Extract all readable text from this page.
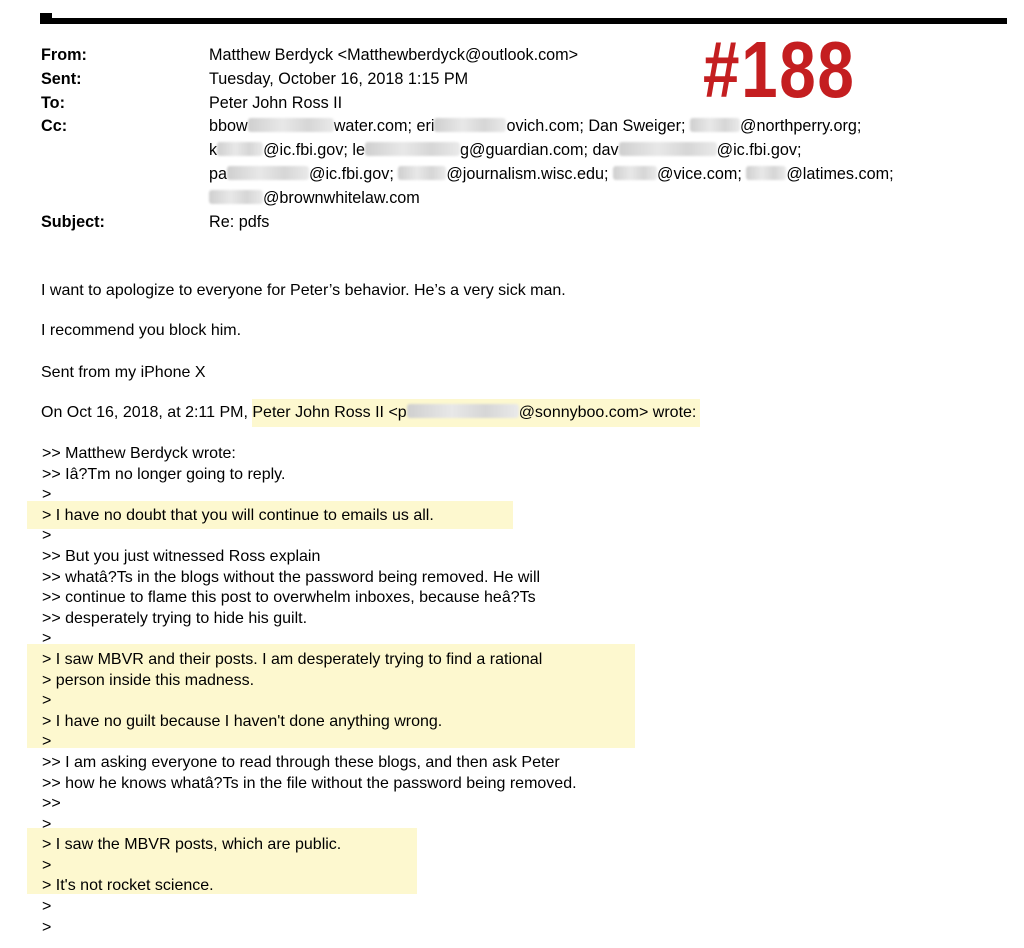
#188
From:	Matthew Berdyck <Matthewberdyck@outlook.com>
Sent:	Tuesday, October 16, 2018 1:15 PM
To:	Peter John Ross II
Cc:	bbow	water.com; eri	ovich.com; Dan Sweiger;	@northperry.org;
k	@ic.fbi.gov; le	g@guardian.com; dav	@ic.fbi.gov;
pa	@ic.fbi.gov;	@journalism.wisc.edu;	@vice.com; @latimes.com;
@brownwhitelaw.com
Subject:	Re: pdfs
I want to apologize to everyone for Peter’s behavior. He’s a very sick man.
I recommend you block him.
Sent from my iPhone X
On Oct 16, 2018, at 2:11 PM, Peter John Ross II <p	@sonnyboo.com> wrote:
>> Matthew Berdyck wrote:
>> Iâ?Tm no longer going to reply.
>
> I have no doubt that you will continue to emails us all.
>
>> But you just witnessed Ross explain
>> whatâ?Ts in the blogs without the password being removed. He will
>> continue to flame this post to overwhelm inboxes, because heâ?Ts
>> desperately trying to hide his guilt.
>
> I saw MBVR and their posts. I am desperately trying to find a rational
> person inside this madness.
>
> I have no guilt because I haven't done anything wrong.
>
>> I am asking everyone to read through these blogs, and then ask Peter
>> how he knows whatâ?Ts in the file without the password being removed.
>>
>
> I saw the MBVR posts, which are public.
>
> It's not rocket science.
>
>
